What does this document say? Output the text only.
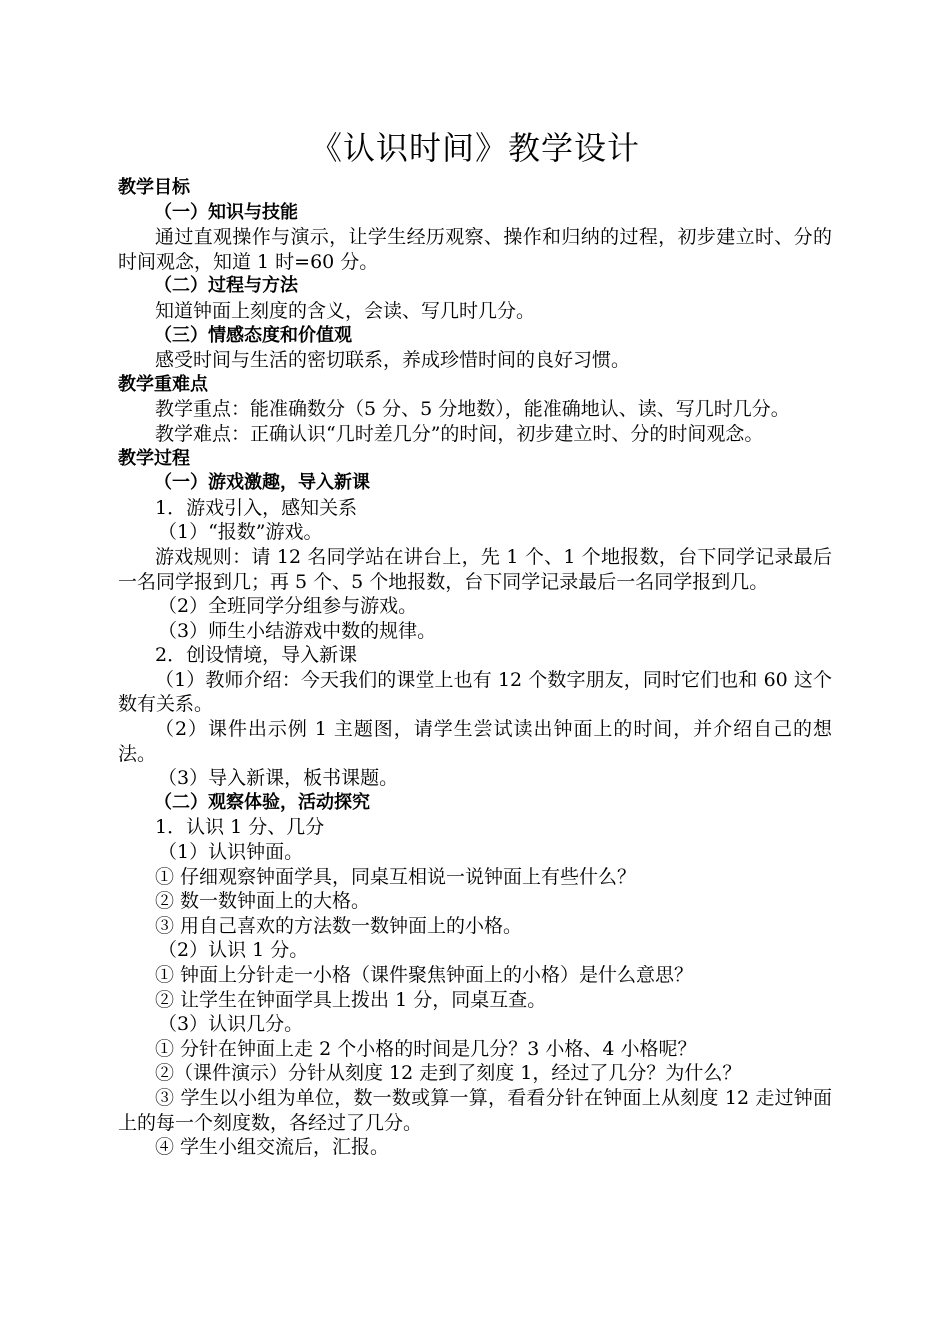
《认识时间》教学设计

教学目标

（一）知识与技能

通过直观操作与演示，让学生经历观察、操作和归纳的过程，初步建立时、分的时间观念，知道 1 时=60 分。

（二）过程与方法

知道钟面上刻度的含义，会读、写几时几分。

（三）情感态度和价值观

感受时间与生活的密切联系，养成珍惜时间的良好习惯。

教学重难点

教学重点：能准确数分（5 分、5 分地数），能准确地认、读、写几时几分。

教学难点：正确认识“几时差几分”的时间，初步建立时、分的时间观念。

教学过程

（一）游戏激趣，导入新课

1．游戏引入，感知关系

（1）“报数”游戏。

游戏规则：请 12 名同学站在讲台上，先 1 个、1 个地报数，台下同学记录最后一名同学报到几；再 5 个、5 个地报数，台下同学记录最后一名同学报到几。

（2）全班同学分组参与游戏。

（3）师生小结游戏中数的规律。

2．创设情境，导入新课

（1）教师介绍：今天我们的课堂上也有 12 个数字朋友，同时它们也和 60 这个数有关系。

（2）课件出示例 1 主题图，请学生尝试读出钟面上的时间，并介绍自己的想法。

（3）导入新课，板书课题。

（二）观察体验，活动探究

1．认识 1 分、几分

（1）认识钟面。

① 仔细观察钟面学具，同桌互相说一说钟面上有些什么？

② 数一数钟面上的大格。

③ 用自己喜欢的方法数一数钟面上的小格。

（2）认识 1 分。

① 钟面上分针走一小格（课件聚焦钟面上的小格）是什么意思？

② 让学生在钟面学具上拨出 1 分，同桌互查。

（3）认识几分。

① 分针在钟面上走 2 个小格的时间是几分？3 小格、4 小格呢？

②（课件演示）分针从刻度 12 走到了刻度 1，经过了几分？为什么？

③ 学生以小组为单位，数一数或算一算，看看分针在钟面上从刻度 12 走过钟面上的每一个刻度数，各经过了几分。

④ 学生小组交流后，汇报。
